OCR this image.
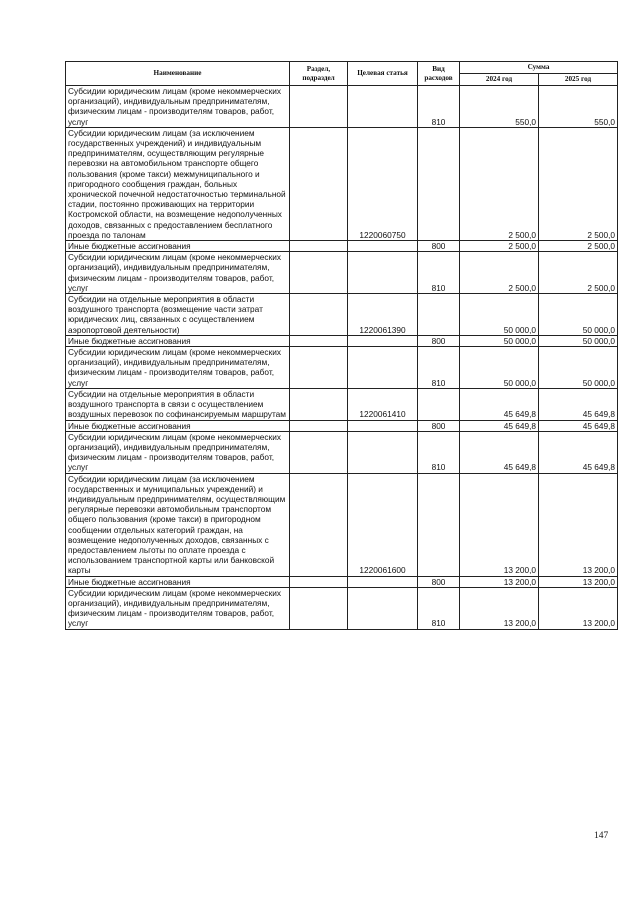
Наименование	Раздел, подраздел	Целевая статья	Вид расходов	Сумма	
				2024 год	2025 год
Субсидии юридическим лицам (кроме некоммерческих организаций), индивидуальным предпринимателям, физическим лицам - производителям товаров, работ, услуг			810	550,0	550,0
Субсидии юридическим лицам (за исключением государственных учреждений) и индивидуальным предпринимателям, осуществляющим регулярные перевозки на автомобильном транспорте общего пользования (кроме такси) межмуниципального и пригородного сообщения граждан, больных хронической почечной недостаточностью терминальной стадии, постоянно проживающих на территории Костромской области, на возмещение недополученных доходов, связанных с предоставлением бесплатного проезда по талонам		1220060750		2 500,0	2 500,0
Иные бюджетные ассигнования			800	2 500,0	2 500,0
Субсидии юридическим лицам (кроме некоммерческих организаций), индивидуальным предпринимателям, физическим лицам - производителям товаров, работ, услуг			810	2 500,0	2 500,0
Субсидии на отдельные мероприятия в области воздушного транспорта (возмещение части затрат юридических лиц, связанных с осуществлением аэропортовой деятельности)		1220061390		50 000,0	50 000,0
Иные бюджетные ассигнования			800	50 000,0	50 000,0
Субсидии юридическим лицам (кроме некоммерческих организаций), индивидуальным предпринимателям, физическим лицам - производителям товаров, работ, услуг			810	50 000,0	50 000,0
Субсидии на отдельные мероприятия в области воздушного транспорта в связи с осуществлением воздушных перевозок по софинансируемым маршрутам		1220061410		45 649,8	45 649,8
Иные бюджетные ассигнования			800	45 649,8	45 649,8
Субсидии юридическим лицам (кроме некоммерческих организаций), индивидуальным предпринимателям, физическим лицам - производителям товаров, работ, услуг			810	45 649,8	45 649,8
Субсидии юридическим лицам (за исключением государственных и муниципальных учреждений) и индивидуальным предпринимателям, осуществляющим регулярные перевозки автомобильным транспортом общего пользования (кроме такси) в пригородном сообщении отдельных категорий граждан, на возмещение недополученных доходов, связанных с предоставлением льготы по оплате проезда с использованием транспортной карты или банковской карты		1220061600		13 200,0	13 200,0
Иные бюджетные ассигнования			800	13 200,0	13 200,0
Субсидии юридическим лицам (кроме некоммерческих организаций), индивидуальным предпринимателям, физическим лицам - производителям товаров, работ, услуг			810	13 200,0	13 200,0
147
